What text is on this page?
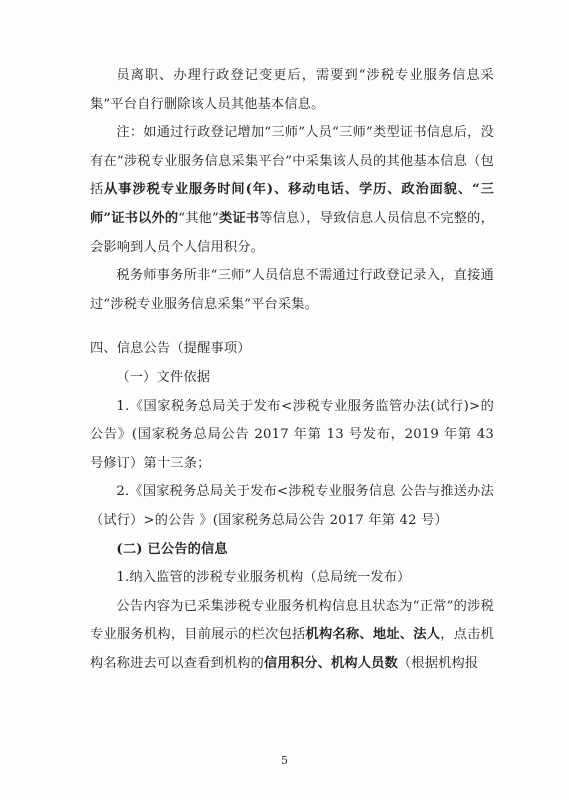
员离职、办理行政登记变更后，需要到“涉税专业服务信息采集”平台自行删除该人员其他基本信息。

注：如通过行政登记增加“三师”人员“三师”类型证书信息后，没有在“涉税专业服务信息采集平台”中采集该人员的其他基本信息（包括从事涉税专业服务时间(年)、移动电话、学历、政治面貌、“三师”证书以外的“其他”类证书等信息），导致信息人员信息不完整的，会影响到人员个人信用积分。

税务师事务所非“三师”人员信息不需通过行政登记录入，直接通过“涉税专业服务信息采集”平台采集。

四、信息公告（提醒事项）

（一）文件依据

1.《国家税务总局关于发布<涉税专业服务监管办法(试行)>的公告》(国家税务总局公告 2017 年第 13 号发布，2019 年第 43 号修订）第十三条；

2.《国家税务总局关于发布<涉税专业服务信息 公告与推送办法（试行）>的公告 》(国家税务总局公告 2017 年第 42 号）

(二) 已公告的信息

1.纳入监管的涉税专业服务机构（总局统一发布）

公告内容为已采集涉税专业服务机构信息且状态为“正常”的涉税专业服务机构，目前展示的栏次包括机构名称、地址、法人，点击机构名称进去可以查看到机构的信用积分、机构人员数（根据机构报

5
